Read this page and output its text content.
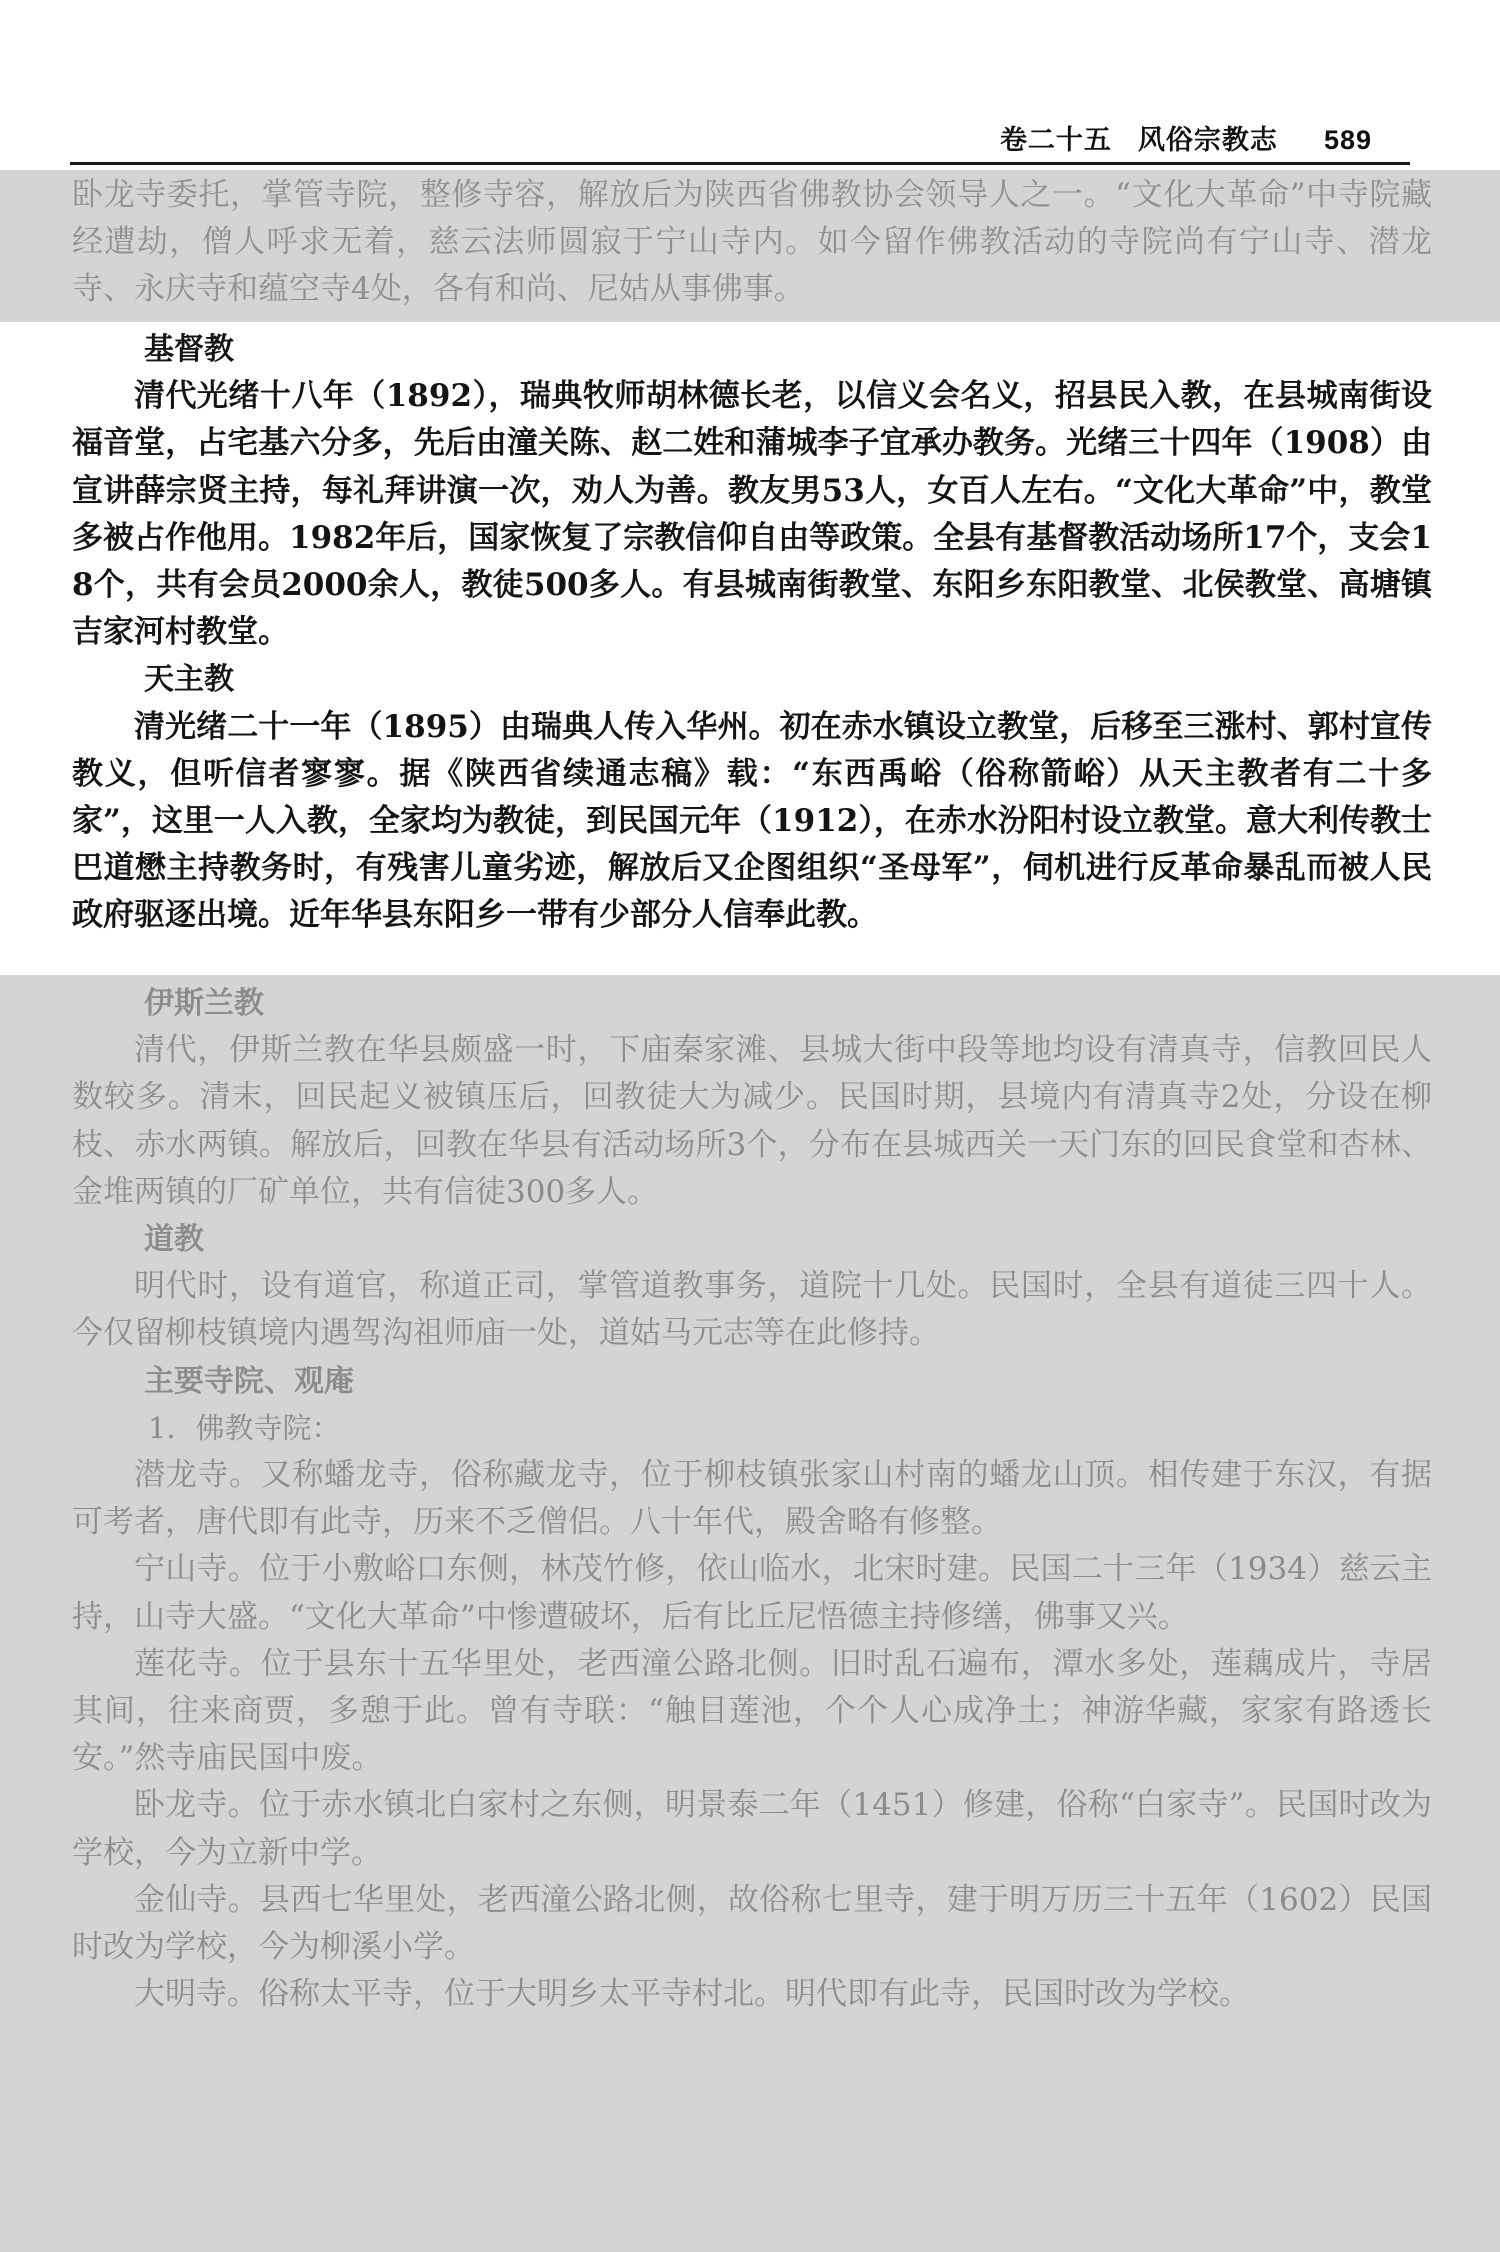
卷二十五 风俗宗教志 589
卧龙寺委托，掌管寺院，整修寺容，解放后为陕西省佛教协会领导人之一。“文化大革命”中寺院藏经遭劫，僧人呼求无着，慈云法师圆寂于宁山寺内。如今留作佛教活动的寺院尚有宁山寺、潜龙寺、永庆寺和蕴空寺4处，各有和尚、尼姑从事佛事。
基督教
清代光绪十八年（1892），瑞典牧师胡林德长老，以信义会名义，招县民入教，在县城南街设福音堂，占宅基六分多，先后由潼关陈、赵二姓和蒲城李子宜承办教务。光绪三十四年（1908）由宣讲薛宗贤主持，每礼拜讲演一次，劝人为善。教友男53人，女百人左右。“文化大革命”中，教堂多被占作他用。1982年后，国家恢复了宗教信仰自由等政策。全县有基督教活动场所17个，支会18个，共有会员2000余人，教徒500多人。有县城南街教堂、东阳乡东阳教堂、北侯教堂、高塘镇吉家河村教堂。
天主教
清光绪二十一年（1895）由瑞典人传入华州。初在赤水镇设立教堂，后移至三涨村、郭村宣传教义，但听信者寥寥。据《陕西省续通志稿》载：“东西禹峪（俗称箭峪）从天主教者有二十多家”，这里一人入教，全家均为教徒，到民国元年（1912），在赤水汾阳村设立教堂。意大利传教士巴道懋主持教务时，有残害儿童劣迹，解放后又企图组织“圣母军”，伺机进行反革命暴乱而被人民政府驱逐出境。近年华县东阳乡一带有少部分人信奉此教。
伊斯兰教
清代，伊斯兰教在华县颇盛一时，下庙秦家滩、县城大街中段等地均设有清真寺，信教回民人数较多。清末，回民起义被镇压后，回教徒大为减少。民国时期，县境内有清真寺2处，分设在柳枝、赤水两镇。解放后，回教在华县有活动场所3个，分布在县城西关一天门东的回民食堂和杏林、金堆两镇的厂矿单位，共有信徒300多人。
道教
明代时，设有道官，称道正司，掌管道教事务，道院十几处。民国时，全县有道徒三四十人。今仅留柳枝镇境内遇驾沟祖师庙一处，道姑马元志等在此修持。
主要寺院、观庵
1．佛教寺院：
潜龙寺。又称蟠龙寺，俗称藏龙寺，位于柳枝镇张家山村南的蟠龙山顶。相传建于东汉，有据可考者，唐代即有此寺，历来不乏僧侣。八十年代，殿舍略有修整。
宁山寺。位于小敷峪口东侧，林茂竹修，依山临水，北宋时建。民国二十三年（1934）慈云主持，山寺大盛。“文化大革命”中惨遭破坏，后有比丘尼悟德主持修缮，佛事又兴。
莲花寺。位于县东十五华里处，老西潼公路北侧。旧时乱石遍布，潭水多处，莲藕成片，寺居其间，往来商贾，多憩于此。曾有寺联：“触目莲池，个个人心成净土；神游华藏，家家有路透长安。”然寺庙民国中废。
卧龙寺。位于赤水镇北白家村之东侧，明景泰二年（1451）修建，俗称“白家寺”。民国时改为学校，今为立新中学。
金仙寺。县西七华里处，老西潼公路北侧，故俗称七里寺，建于明万历三十五年（1602）民国时改为学校，今为柳溪小学。
大明寺。俗称太平寺，位于大明乡太平寺村北。明代即有此寺，民国时改为学校。
